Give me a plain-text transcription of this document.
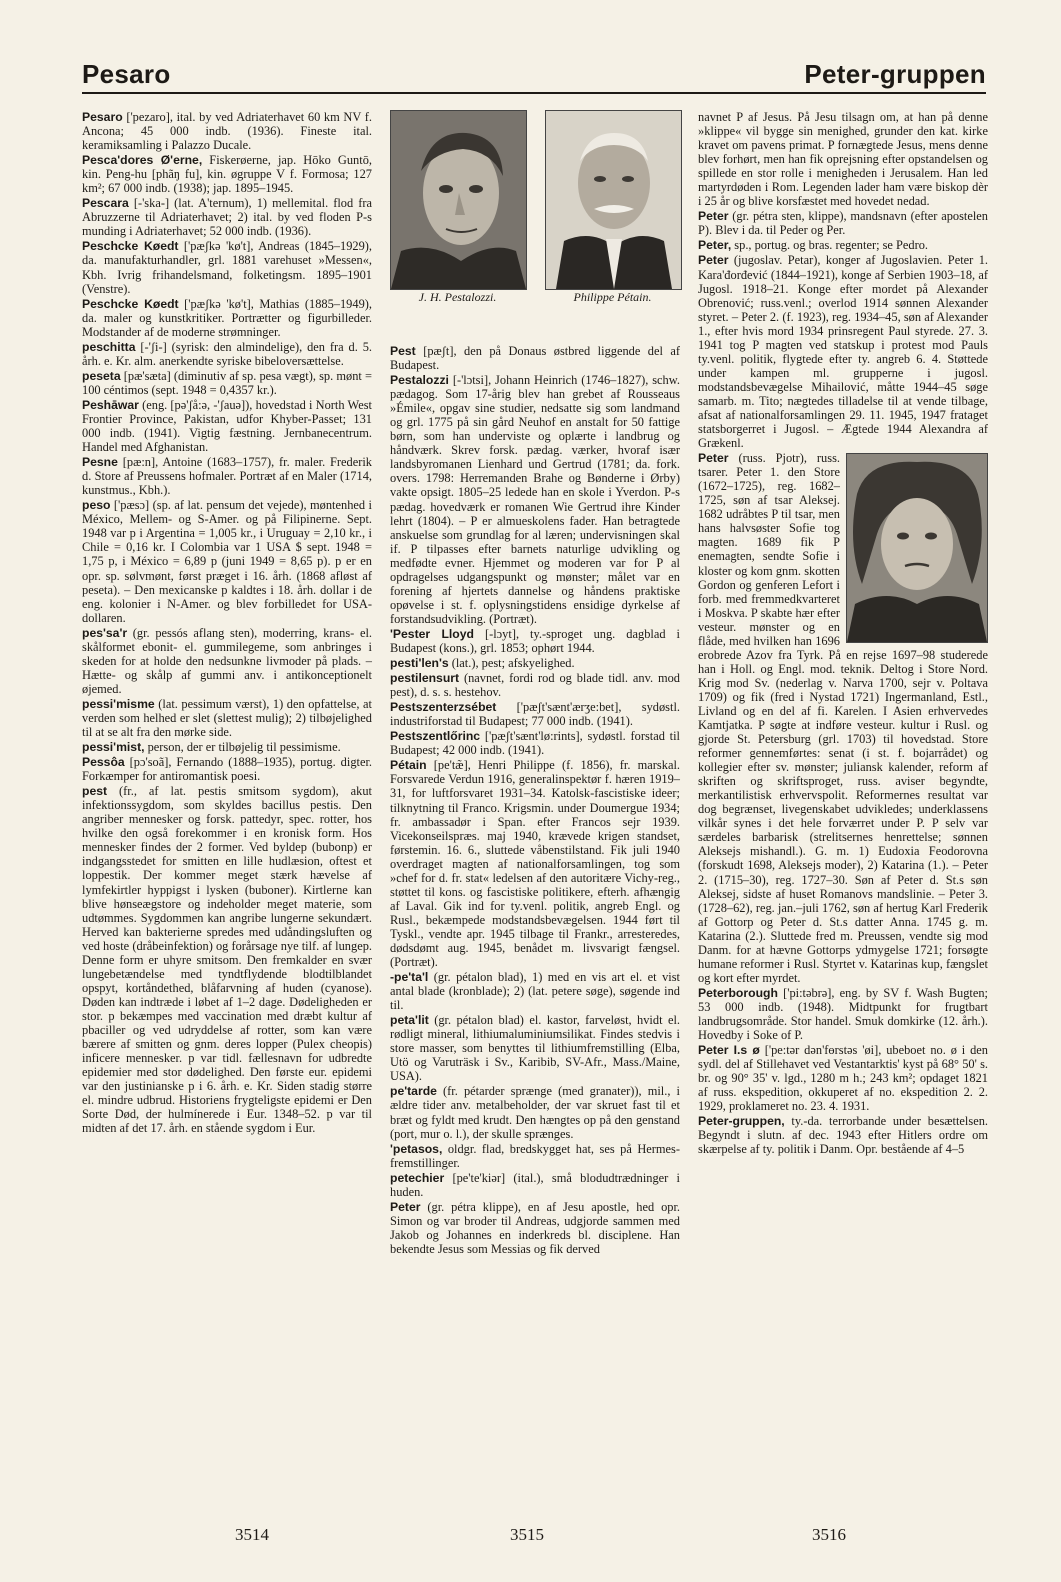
Pesaro	Peter-gruppen

Pesaro ['pezaro], ital. by ved Adriaterhavet 60 km NV f. Ancona; 45 000 indb. (1936). Fineste ital. keramiksamling i Palazzo Ducale.

Pesca'dores Ø'erne, Fiskerøerne, jap. Hōko Guntō, kin. Peng-hu [phãŋ fu], kin. øgruppe V f. Formosa; 127 km²; 67 000 indb. (1938); jap. 1895–1945.

Pescara [-'ska-] (lat. A'ternum), 1) mellemital. flod fra Abruzzerne til Adriaterhavet; 2) ital. by ved floden P-s munding i Adriaterhavet; 52 000 indb. (1936).

Peschcke Køedt ['pæʃkə 'kø't], Andreas (1845–1929), da. manufakturhandler, grl. 1881 varehuset »Messen«, Kbh. Ivrig frihandelsmand, folketingsm. 1895–1901 (Venstre).

Peschcke Køedt ['pæʃkə 'kø't], Mathias (1885–1949), da. maler og kunstkritiker. Portrætter og figurbilleder. Modstander af de moderne strømninger.

peschitta [-'ʃi-] (syrisk: den almindelige), den fra d. 5. årh. e. Kr. alm. anerkendte syriske bibeloversættelse.

peseta [pæ'sæta] (diminutiv af sp. pesa vægt), sp. mønt = 100 céntimos (sept. 1948 = 0,4357 kr.).

Peshāwar (eng. [pə'ʃå:ə, -'ʃauə]), hovedstad i North West Frontier Province, Pakistan, udfor Khyber-Passet; 131 000 indb. (1941). Vigtig fæstning. Jernbanecentrum. Handel med Afghanistan.

Pesne [pæ:n], Antoine (1683–1757), fr. maler. Frederik d. Store af Preussens hofmaler. Portræt af en Maler (1714, kunstmus., Kbh.).

peso ['pæsɔ] (sp. af lat. pensum det vejede), møntenhed i México, Mellem- og S-Amer. og på Filipinerne. Sept. 1948 var p i Argentina = 1,005 kr., i Uruguay = 2,10 kr., i Chile = 0,16 kr. I Colombia var 1 USA $ sept. 1948 = 1,75 p, i México = 6,89 p (juni 1949 = 8,65 p). p er en opr. sp. sølvmønt, først præget i 16. årh. (1868 afløst af peseta). – Den mexicanske p kaldtes i 18. årh. dollar i de eng. kolonier i N-Amer. og blev forbilledet for USA-dollaren.

pes'sa'r (gr. pessós aflang sten), moderring, krans- el. skålformet ebonit- el. gummilegeme, som anbringes i skeden for at holde den nedsunkne livmoder på plads. – Hætte- og skålp af gummi anv. i antikonceptionelt øjemed.

pessi'misme (lat. pessimum værst), 1) den opfattelse, at verden som helhed er slet (slettest mulig); 2) tilbøjelighed til at se alt fra den mørke side.

pessi'mist, person, der er tilbøjelig til pessimisme.

Pessôa [pɔ'soã], Fernando (1888–1935), portug. digter. Forkæmper for antiromantisk poesi.

pest (fr., af lat. pestis smitsom sygdom), akut infektionssygdom, som skyldes bacillus pestis. Den angriber mennesker og forsk. pattedyr, spec. rotter, hos hvilke den også forekommer i en kronisk form. Hos mennesker findes der 2 former. Ved byldep (bubonp) er indgangsstedet for smitten en lille hudlæsion, oftest et loppestik. Der kommer meget stærk hævelse af lymfekirtler hyppigst i lysken (buboner). Kirtlerne kan blive hønseægstore og indeholder meget materie, som udtømmes. Sygdommen kan angribe lungerne sekundært. Herved kan bakterierne spredes med udåndingsluften og ved hoste (dråbeinfektion) og forårsage nye tilf. af lungep. Denne form er uhyre smitsom. Den fremkalder en svær lungebetændelse med tyndtflydende blodtilblandet opspyt, kortåndethed, blåfarvning af huden (cyanose). Døden kan indtræde i løbet af 1–2 dage. Dødeligheden er stor. p bekæmpes med vaccination med dræbt kultur af pbaciller og ved udryddelse af rotter, som kan være bærere af smitten og gnm. deres lopper (Pulex cheopis) inficere mennesker. p var tidl. fællesnavn for udbredte epidemier med stor dødelighed. Den første eur. epidemi var den justinianske p i 6. årh. e. Kr. Siden stadig større el. mindre udbrud. Historiens frygteligste epidemi er Den Sorte Død, der hulmínerede i Eur. 1348–52. p var til midten af det 17. årh. en stående sygdom i Eur.

J. H. Pestalozzi.	Philippe Pétain.

Pest [pæʃt], den på Donaus østbred liggende del af Budapest.

Pestalozzi [-'lɔtsi], Johann Heinrich (1746–1827), schw. pædagog. Som 17-årig blev han grebet af Rousseaus »Émile«, opgav sine studier, nedsatte sig som landmand og grl. 1775 på sin gård Neuhof en anstalt for 50 fattige børn, som han underviste og oplærte i landbrug og håndværk. Skrev forsk. pædag. værker, hvoraf især landsbyromanen Lienhard und Gertrud (1781; da. fork. overs. 1798: Herremanden Brahe og Bønderne i Ørby) vakte opsigt. 1805–25 ledede han en skole i Yverdon. P-s pædag. hovedværk er romanen Wie Gertrud ihre Kinder lehrt (1804). – P er almueskolens fader. Han betragtede anskuelse som grundlag for al læren; undervisningen skal if. P tilpasses efter barnets naturlige udvikling og medfødte evner. Hjemmet og moderen var for P al opdragelses udgangspunkt og mønster; målet var en forening af hjertets dannelse og håndens praktiske opøvelse i st. f. oplysningstidens ensidige dyrkelse af forstandsudvikling. (Portræt).

'Pester Lloyd [-lɔyt], ty.-sproget ung. dagblad i Budapest (kons.), grl. 1853; ophørt 1944.

pesti'len's (lat.), pest; afskyelighed.

pestilensurt (navnet, fordi rod og blade tidl. anv. mod pest), d. s. s. hestehov.

Pestszenterzsébet ['pæʃt'sænt'ærʒe:bet], sydøstl. industriforstad til Budapest; 77 000 indb. (1941).

Pestszentlőrinc ['pæʃt'sænt'lø:rints], sydøstl. forstad til Budapest; 42 000 indb. (1941).

Pétain [pe'tæ̃], Henri Philippe (f. 1856), fr. marskal. Forsvarede Verdun 1916, generalinspektør f. hæren 1919–31, for luftforsvaret 1931–34. Katolsk-fascistiske ideer; tilknytning til Franco. Krigsmin. under Doumergue 1934; fr. ambassadør i Span. efter Francos sejr 1939. Vicekonseilspræs. maj 1940, krævede krigen standset, førstemin. 16. 6., sluttede våbenstilstand. Fik juli 1940 overdraget magten af nationalforsamlingen, tog som »chef for d. fr. stat« ledelsen af den autoritære Vichy-reg., støttet til kons. og fascistiske politikere, efterh. afhængig af Laval. Gik ind for ty.venl. politik, angreb Engl. og Rusl., bekæmpede modstandsbevægelsen. 1944 ført til Tyskl., vendte apr. 1945 tilbage til Frankr., arresteredes, dødsdømt aug. 1945, benådet m. livsvarigt fængsel. (Portræt).

-pe'ta'l (gr. pétalon blad), 1) med en vis art el. et vist antal blade (kronblade); 2) (lat. petere søge), søgende ind til.

peta'lit (gr. pétalon blad) el. kastor, farveløst, hvidt el. rødligt mineral, lithiumaluminiumsilikat. Findes stedvis i store masser, som benyttes til lithiumfremstilling (Elba, Utö og Varuträsk i Sv., Karibib, SV-Afr., Mass./Maine, USA).

pe'tarde (fr. pétarder sprænge (med granater)), mil., i ældre tider anv. metalbeholder, der var skruet fast til et bræt og fyldt med krudt. Den hængtes op på den genstand (port, mur o. l.), der skulle sprænges.

'petasos, oldgr. flad, bredskygget hat, ses på Hermes-fremstillinger.

petechier [pe'te'kiər] (ital.), små blodudtrædninger i huden.

Peter (gr. pétra klippe), en af Jesu apostle, hed opr. Simon og var broder til Andreas, udgjorde sammen med Jakob og Johannes en inderkreds bl. disciplene. Han bekendte Jesus som Messias og fik derved

navnet P af Jesus. På Jesu tilsagn om, at han på denne »klippe« vil bygge sin menighed, grunder den kat. kirke kravet om pavens primat. P fornægtede Jesus, mens denne blev forhørt, men han fik oprejsning efter opstandelsen og spillede en stor rolle i menigheden i Jerusalem. Han led martyrdøden i Rom. Legenden lader ham være biskop dèr i 25 år og blive korsfæstet med hovedet nedad.

Peter (gr. pétra sten, klippe), mandsnavn (efter apostelen P). Blev i da. til Peder og Per.

Peter, sp., portug. og bras. regenter; se Pedro.

Peter (jugoslav. Petar), konger af Jugoslavien. Peter 1. Kara'đorđević (1844–1921), konge af Serbien 1903–18, af Jugosl. 1918–21. Konge efter mordet på Alexander Obrenović; russ.venl.; overlod 1914 sønnen Alexander styret. – Peter 2. (f. 1923), reg. 1934–45, søn af Alexander 1., efter hvis mord 1934 prinsregent Paul styrede. 27. 3. 1941 tog P magten ved statskup i protest mod Pauls ty.venl. politik, flygtede efter ty. angreb 6. 4. Støttede under kampen ml. grupperne i jugosl. modstandsbevægelse Mihailović, måtte 1944–45 søge samarb. m. Tito; nægtedes tilladelse til at vende tilbage, afsat af nationalforsamlingen 29. 11. 1945, 1947 frataget statsborgerret i Jugosl. – Ægtede 1944 Alexandra af Grækenl.

Peter (russ. Pjotr), russ. tsarer. Peter 1. den Store (1672–1725), reg. 1682–1725, søn af tsar Aleksej. 1682 udråbtes P til tsar, men hans halvsøster Sofie tog magten. 1689 fik P enemagten, sendte Sofie i kloster og kom gnm. skotten Gordon og genferen Lefort i forb. med fremmedkvarteret i Moskva. P skabte hær efter vesteur. mønster og en flåde, med hvilken han 1696 erobrede Azov fra Tyrk. På en rejse 1697–98 studerede han i Holl. og Engl. mod. teknik. Deltog i Store Nord. Krig mod Sv. (nederlag v. Narva 1700, sejr v. Poltava 1709) og fik (fred i Nystad 1721) Ingermanland, Estl., Livland og en del af fi. Karelen. I Asien erhvervedes Kamtjatka. P søgte at indføre vesteur. kultur i Rusl. og gjorde St. Petersburg (grl. 1703) til hovedstad. Store reformer gennemførtes: senat (i st. f. bojarrådet) og kollegier efter sv. mønster; juliansk kalender, reform af skriften og skriftsproget, russ. aviser begyndte, merkantilistisk erhvervspolit. Reformernes resultat var dog begrænset, livegenskabet udvikledes; underklassens vilkår synes i det hele forværret under P. P selv var særdeles barbarisk (strelitsernes henrettelse; sønnen Aleksejs mishandl.). G. m. 1) Eudoxia Feodorovna (forskudt 1698, Aleksejs moder), 2) Katarina (1.). – Peter 2. (1715–30), reg. 1727–30. Søn af Peter d. St.s søn Aleksej, sidste af huset Romanovs mandslinie. – Peter 3. (1728–62), reg. jan.–juli 1762, søn af hertug Karl Frederik af Gottorp og Peter d. St.s datter Anna. 1745 g. m. Katarina (2.). Sluttede fred m. Preussen, vendte sig mod Danm. for at hævne Gottorps ydmygelse 1721; forsøgte humane reformer i Rusl. Styrtet v. Katarinas kup, fængslet og kort efter myrdet.

Peterborough ['pi:təbrə], eng. by SV f. Wash Bugten; 53 000 indb. (1948). Midtpunkt for frugtbart landbrugsområde. Stor handel. Smuk domkirke (12. årh.). Hovedby i Soke of P.

Peter I.s ø ['pe:tər dən'fɵrstəs 'øi], ubeboet no. ø i den sydl. del af Stillehavet ved Vestantarktis' kyst på 68° 50' s. br. og 90° 35' v. lgd., 1280 m h.; 243 km²; opdaget 1821 af russ. ekspedition, okkuperet af no. ekspedition 2. 2. 1929, proklameret no. 23. 4. 1931.

Peter-gruppen, ty.-da. terrorbande under besættelsen. Begyndt i slutn. af dec. 1943 efter Hitlers ordre om skærpelse af ty. politik i Danm. Opr. bestående af 4–5

3514	3515	3516
